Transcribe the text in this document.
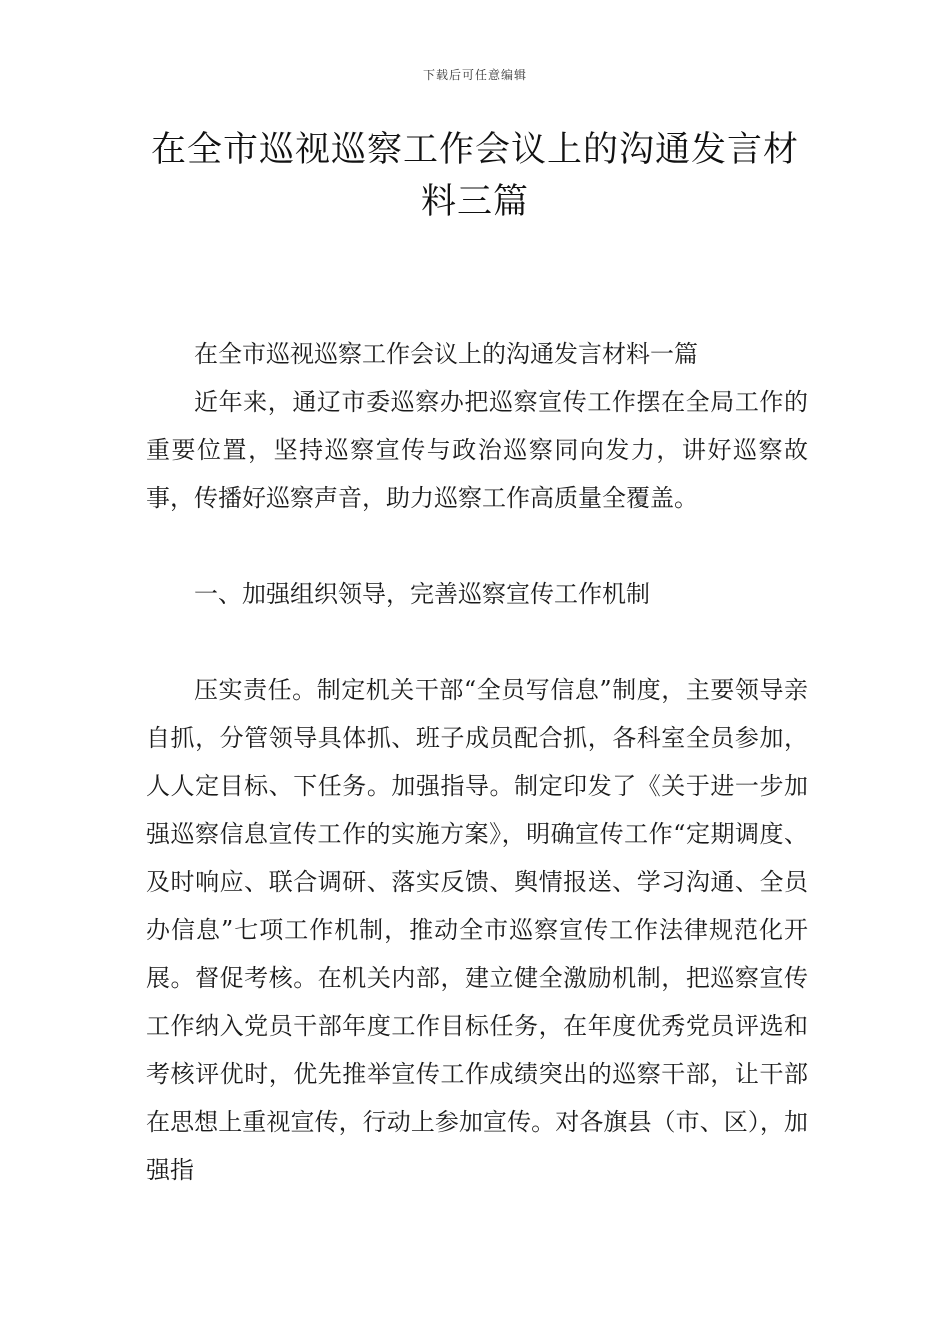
下载后可任意编辑
在全市巡视巡察工作会议上的沟通发言材料三篇

在全市巡视巡察工作会议上的沟通发言材料一篇

近年来，通辽市委巡察办把巡察宣传工作摆在全局工作的重要位置，坚持巡察宣传与政治巡察同向发力，讲好巡察故事，传播好巡察声音，助力巡察工作高质量全覆盖。

一、加强组织领导，完善巡察宣传工作机制

压实责任。制定机关干部“全员写信息”制度，主要领导亲自抓，分管领导具体抓、班子成员配合抓，各科室全员参加，人人定目标、下任务。加强指导。制定印发了《关于进一步加强巡察信息宣传工作的实施方案》，明确宣传工作“定期调度、及时响应、联合调研、落实反馈、舆情报送、学习沟通、全员办信息”七项工作机制，推动全市巡察宣传工作法律规范化开展。督促考核。在机关内部，建立健全激励机制，把巡察宣传工作纳入党员干部年度工作目标任务，在年度优秀党员评选和考核评优时，优先推举宣传工作成绩突出的巡察干部，让干部在思想上重视宣传，行动上参加宣传。对各旗县（市、区），加强指
